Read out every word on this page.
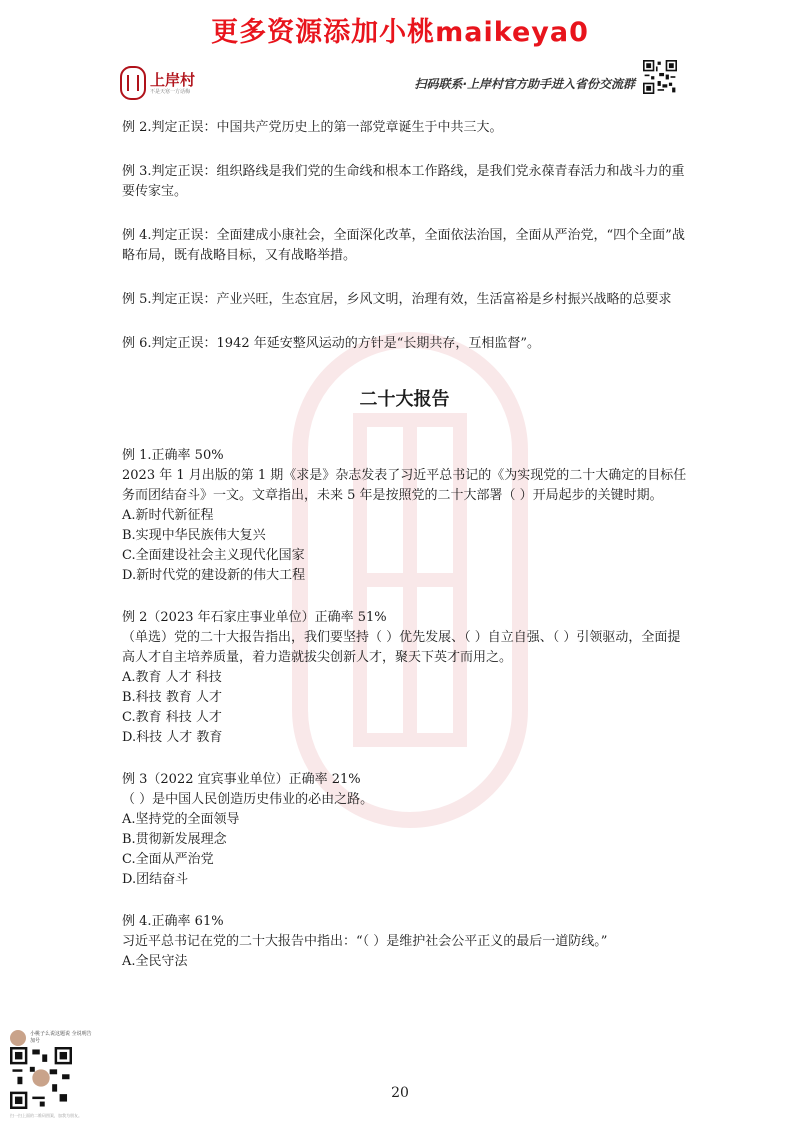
更多资源添加小桃maikeya0
上岸村
不是天寒一方话梅
扫码联系·上岸村官方助手进入省份交流群

例 2.判定正误：中国共产党历史上的第一部党章诞生于中共三大。

例 3.判定正误：组织路线是我们党的生命线和根本工作路线，是我们党永葆青春活力和战斗力的重要传家宝。

例 4.判定正误：全面建成小康社会，全面深化改革，全面依法治国，全面从严治党，“四个全面”战略布局，既有战略目标，又有战略举措。

例 5.判定正误：产业兴旺，生态宜居，乡风文明，治理有效，生活富裕是乡村振兴战略的总要求

例 6.判定正误：1942 年延安整风运动的方针是“长期共存，互相监督”。

二十大报告

例 1.正确率 50%

2023 年 1 月出版的第 1 期《求是》杂志发表了习近平总书记的《为实现党的二十大确定的目标任务而团结奋斗》一文。文章指出，未来 5 年是按照党的二十大部署（ ）开局起步的关键时期。

A.新时代新征程

B.实现中华民族伟大复兴

C.全面建设社会主义现代化国家

D.新时代党的建设新的伟大工程

例 2（2023 年石家庄事业单位）正确率 51%

（单选）党的二十大报告指出，我们要坚持（ ）优先发展、（ ）自立自强、（ ）引领驱动，全面提高人才自主培养质量，着力造就拔尖创新人才，聚天下英才而用之。

A.教育 人才 科技

B.科技 教育 人才

C.教育 科技 人才

D.科技 人才 教育

例 3（2022 宜宾事业单位）正确率 21%

（ ）是中国人民创造历史伟业的必由之路。

A.坚持党的全面领导

B.贯彻新发展理念

C.全面从严治党

D.团结奋斗

例 4.正确率 61%

习近平总书记在党的二十大报告中指出：“（ ）是维护社会公平正义的最后一道防线。”

A.全民守法

小桃子么说这题说 全说明告
加号
扫一扫上面的二维码图案，加我为朋友。
20
